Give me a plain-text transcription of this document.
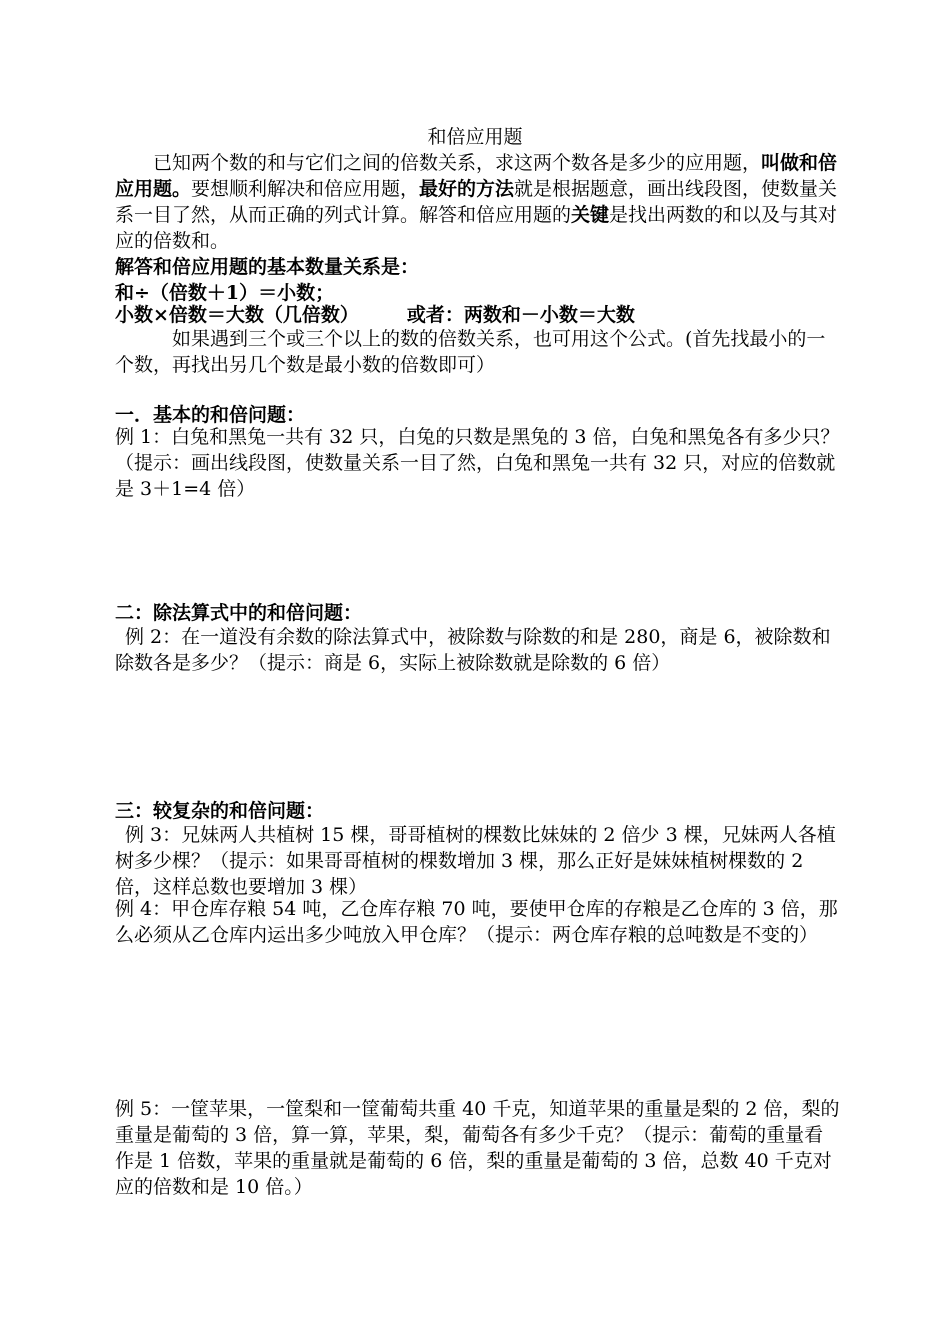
和倍应用题

已知两个数的和与它们之间的倍数关系，求这两个数各是多少的应用题，叫做和倍应用题。要想顺利解决和倍应用题，最好的方法就是根据题意，画出线段图，使数量关系一目了然，从而正确的列式计算。解答和倍应用题的关键是找出两数的和以及与其对应的倍数和。

解答和倍应用题的基本数量关系是：

和÷（倍数＋1）＝小数；

小数×倍数＝大数（几倍数）	或者：两数和－小数＝大数

如果遇到三个或三个以上的数的倍数关系，也可用这个公式。(首先找最小的一个数，再找出另几个数是最小数的倍数即可）

一．基本的和倍问题：

例 1：白兔和黑兔一共有 32 只，白兔的只数是黑兔的 3 倍，白兔和黑兔各有多少只？（提示：画出线段图，使数量关系一目了然，白兔和黑兔一共有 32 只，对应的倍数就是 3＋1=4 倍）

二：除法算式中的和倍问题：

例 2：在一道没有余数的除法算式中，被除数与除数的和是 280，商是 6，被除数和除数各是多少？（提示：商是 6，实际上被除数就是除数的 6 倍）

三：较复杂的和倍问题：

例 3：兄妹两人共植树 15 棵，哥哥植树的棵数比妹妹的 2 倍少 3 棵，兄妹两人各植树多少棵？（提示：如果哥哥植树的棵数增加 3 棵，那么正好是妹妹植树棵数的 2 倍，这样总数也要增加 3 棵）

例 4：甲仓库存粮 54 吨，乙仓库存粮 70 吨，要使甲仓库的存粮是乙仓库的 3 倍，那么必须从乙仓库内运出多少吨放入甲仓库？（提示：两仓库存粮的总吨数是不变的）

例 5：一筐苹果，一筐梨和一筐葡萄共重 40 千克，知道苹果的重量是梨的 2 倍，梨的重量是葡萄的 3 倍，算一算，苹果，梨，葡萄各有多少千克？（提示：葡萄的重量看作是 1 倍数，苹果的重量就是葡萄的 6 倍，梨的重量是葡萄的 3 倍，总数 40 千克对应的倍数和是 10 倍。）
